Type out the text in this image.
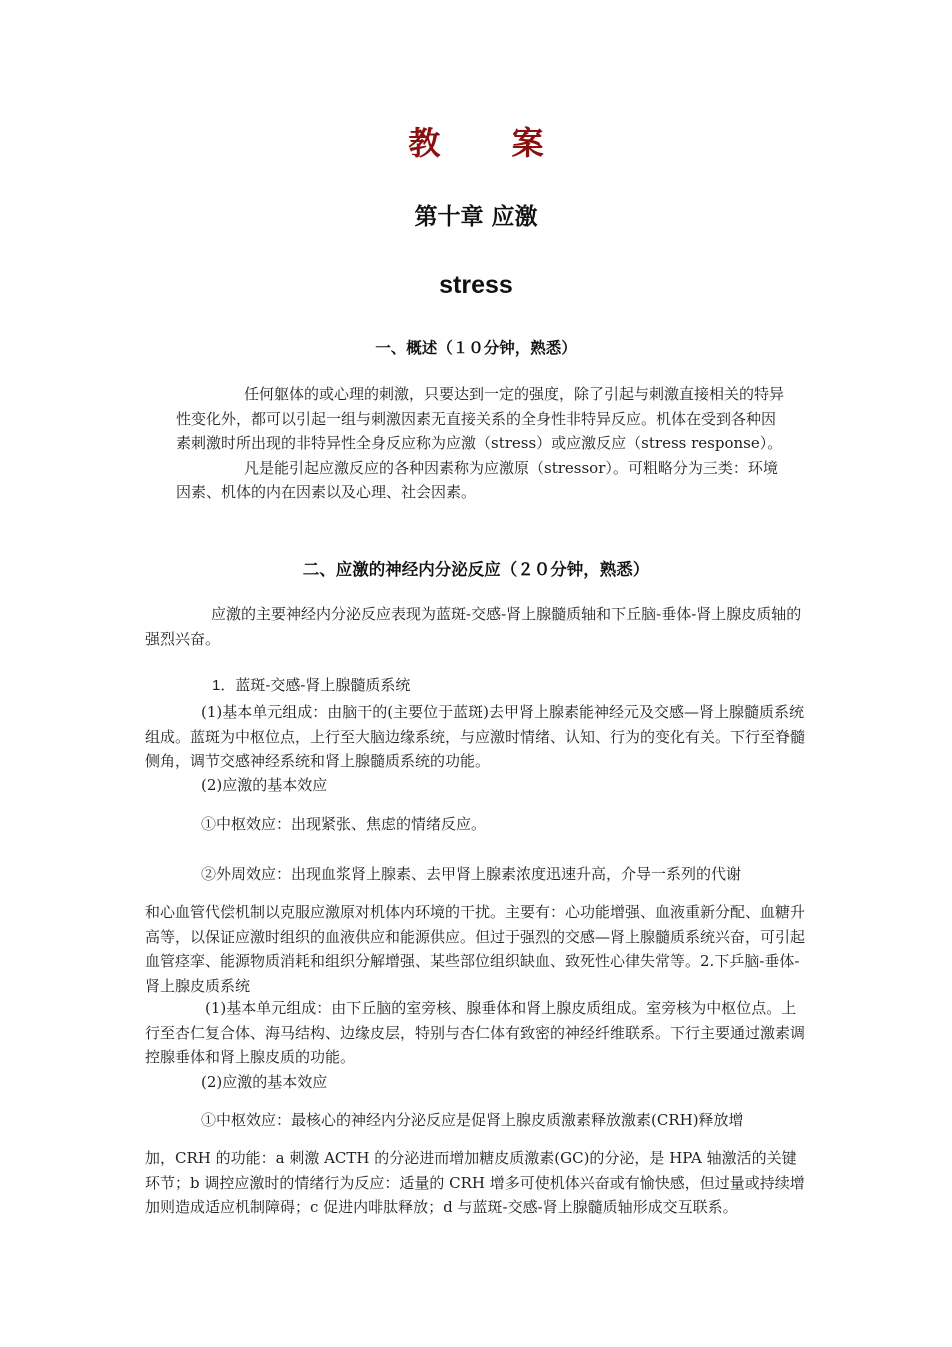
教 案
第十章 应激
stress
一、概述（１０分钟，熟悉）
任何躯体的或心理的刺激，只要达到一定的强度，除了引起与刺激直接相关的特异性变化外，都可以引起一组与刺激因素无直接关系的全身性非特异反应。机体在受到各种因素刺激时所出现的非特异性全身反应称为应激（stress）或应激反应（stress response）。
凡是能引起应激反应的各种因素称为应激原（stressor）。可粗略分为三类：环境因素、机体的内在因素以及心理、社会因素。
二、应激的神经内分泌反应（２０分钟，熟悉）
应激的主要神经内分泌反应表现为蓝斑-交感-肾上腺髓质轴和下丘脑-垂体-肾上腺皮质轴的强烈兴奋。
1．蓝斑-交感-肾上腺髓质系统
(1)基本单元组成：由脑干的(主要位于蓝斑)去甲肾上腺素能神经元及交感—肾上腺髓质系统组成。蓝斑为中枢位点，上行至大脑边缘系统，与应激时情绪、认知、行为的变化有关。下行至脊髓侧角，调节交感神经系统和肾上腺髓质系统的功能。
(2)应激的基本效应
①中枢效应：出现紧张、焦虑的情绪反应。
②外周效应：出现血浆肾上腺素、去甲肾上腺素浓度迅速升高，介导一系列的代谢
和心血管代偿机制以克服应激原对机体内环境的干扰。主要有：心功能增强、血液重新分配、血糖升高等，以保证应激时组织的血液供应和能源供应。但过于强烈的交感—肾上腺髓质系统兴奋，可引起血管痉挛、能源物质消耗和组织分解增强、某些部位组织缺血、致死性心律失常等。2.下乒脑-垂体-肾上腺皮质系统
(1)基本单元组成：由下丘脑的室旁核、腺垂体和肾上腺皮质组成。室旁核为中枢位点。上行至杏仁复合体、海马结构、边缘皮层，特别与杏仁体有致密的神经纤维联系。下行主要通过激素调控腺垂体和肾上腺皮质的功能。
(2)应激的基本效应
①中枢效应：最核心的神经内分泌反应是促肾上腺皮质激素释放激素(CRH)释放增
加，CRH 的功能：a 刺激 ACTH 的分泌进而增加糖皮质激素(GC)的分泌，是 HPA 轴激活的关键环节；b 调控应激时的情绪行为反应：适量的 CRH 增多可使机体兴奋或有愉快感，但过量或持续增加则造成适应机制障碍；c 促进内啡肽释放；d 与蓝斑-交感-肾上腺髓质轴形成交互联系。
